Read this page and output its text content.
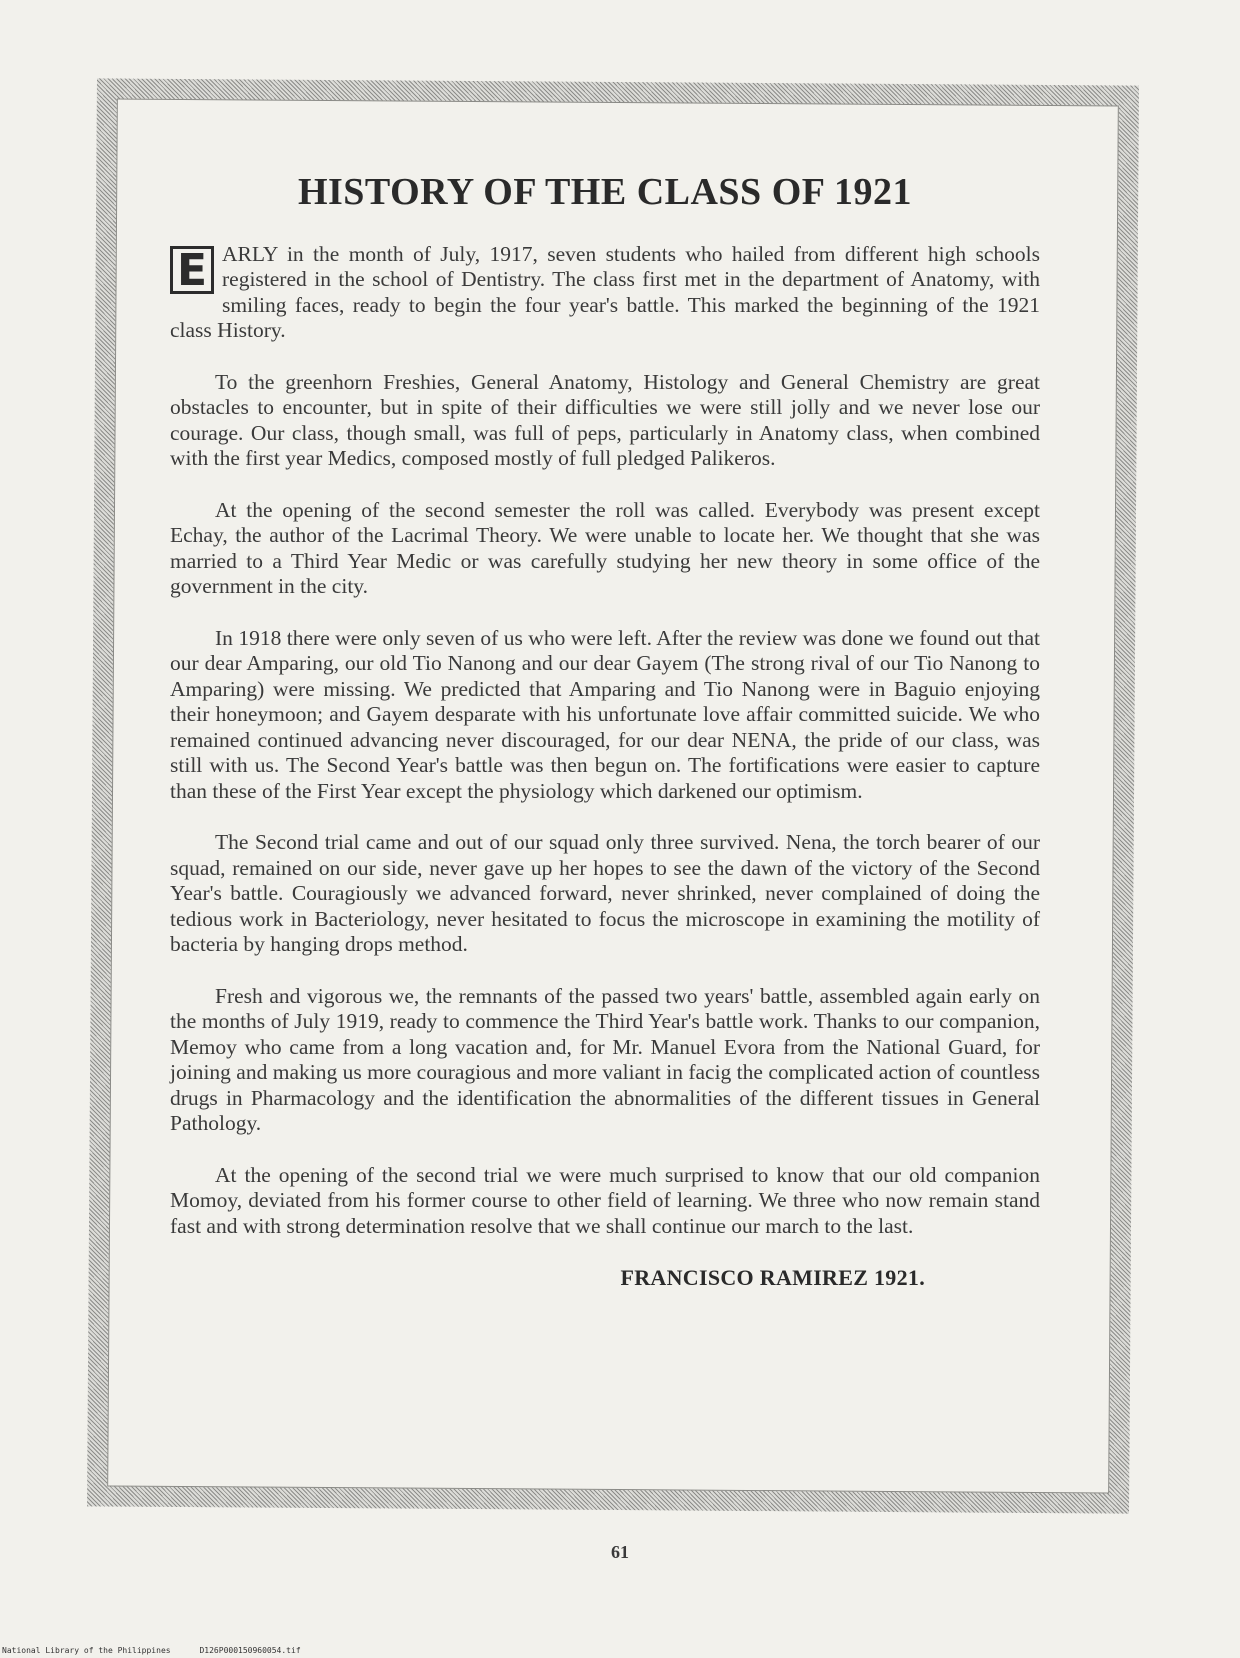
HISTORY OF THE CLASS OF 1921

E ARLY in the month of July, 1917, seven students who hailed from different high schools registered in the school of Dentistry. The class first met in the department of Anatomy, with smiling faces, ready to begin the four year's battle. This marked the beginning of the 1921 class History.

To the greenhorn Freshies, General Anatomy, Histology and General Chemistry are great obstacles to encounter, but in spite of their difficulties we were still jolly and we never lose our courage. Our class, though small, was full of peps, particularly in Anatomy class, when combined with the first year Medics, composed mostly of full pledged Palikeros.

At the opening of the second semester the roll was called. Everybody was present except Echay, the author of the Lacrimal Theory. We were unable to locate her. We thought that she was married to a Third Year Medic or was carefully studying her new theory in some office of the government in the city.

In 1918 there were only seven of us who were left. After the review was done we found out that our dear Amparing, our old Tio Nanong and our dear Gayem (The strong rival of our Tio Nanong to Amparing) were missing. We predicted that Amparing and Tio Nanong were in Baguio enjoying their honeymoon; and Gayem desparate with his unfortunate love affair committed suicide. We who remained continued advancing never discouraged, for our dear NENA, the pride of our class, was still with us. The Second Year's battle was then begun on. The fortifications were easier to capture than these of the First Year except the physiology which darkened our optimism.

The Second trial came and out of our squad only three survived. Nena, the torch bearer of our squad, remained on our side, never gave up her hopes to see the dawn of the victory of the Second Year's battle. Couragiously we advanced forward, never shrinked, never complained of doing the tedious work in Bacteriology, never hesitated to focus the microscope in examining the motility of bacteria by hanging drops method.

Fresh and vigorous we, the remnants of the passed two years' battle, assembled again early on the months of July 1919, ready to commence the Third Year's battle work. Thanks to our companion, Memoy who came from a long vacation and, for Mr. Manuel Evora from the National Guard, for joining and making us more couragious and more valiant in facig the complicated action of countless drugs in Pharmacology and the identification the abnormalities of the different tissues in General Pathology.

At the opening of the second trial we were much surprised to know that our old companion Momoy, deviated from his former course to other field of learning. We three who now remain stand fast and with strong determination resolve that we shall continue our march to the last.

FRANCISCO RAMIREZ 1921.
61
National Library of the Philippines	D126P000150960054.tif
